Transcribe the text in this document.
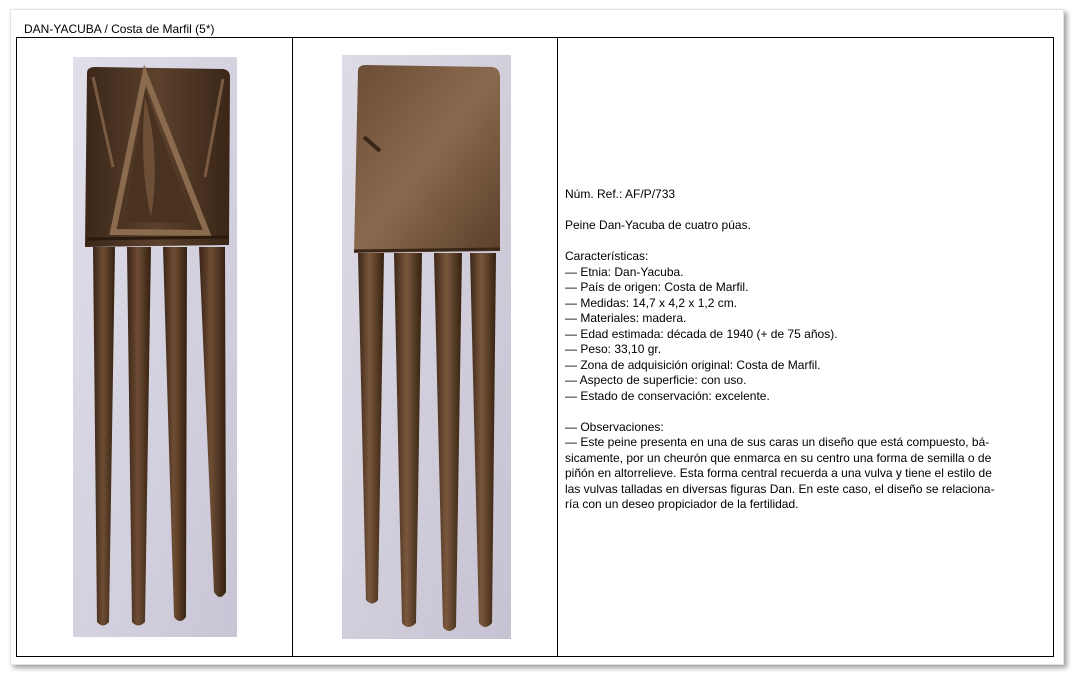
DAN-YACUBA / Costa de Marfil (5*)
Núm. Ref.: AF/P/733
Peine Dan-Yacuba de cuatro púas.
Características:
— Etnia: Dan-Yacuba.
— País de origen: Costa de Marfil.
— Medidas: 14,7 x 4,2 x 1,2 cm.
— Materiales: madera.
— Edad estimada: década de 1940 (+ de 75 años).
— Peso: 33,10 gr.
— Zona de adquisición original: Costa de Marfil.
— Aspecto de superficie: con uso.
— Estado de conservación: excelente.
— Observaciones:
— Este peine presenta en una de sus caras un diseño que está compuesto, bá-
sicamente, por un cheurón que enmarca en su centro una forma de semilla o de
piñón en altorrelieve. Esta forma central recuerda a una vulva y tiene el estilo de
las vulvas talladas en diversas figuras Dan. En este caso, el diseño se relaciona-
ría con un deseo propiciador de la fertilidad.
